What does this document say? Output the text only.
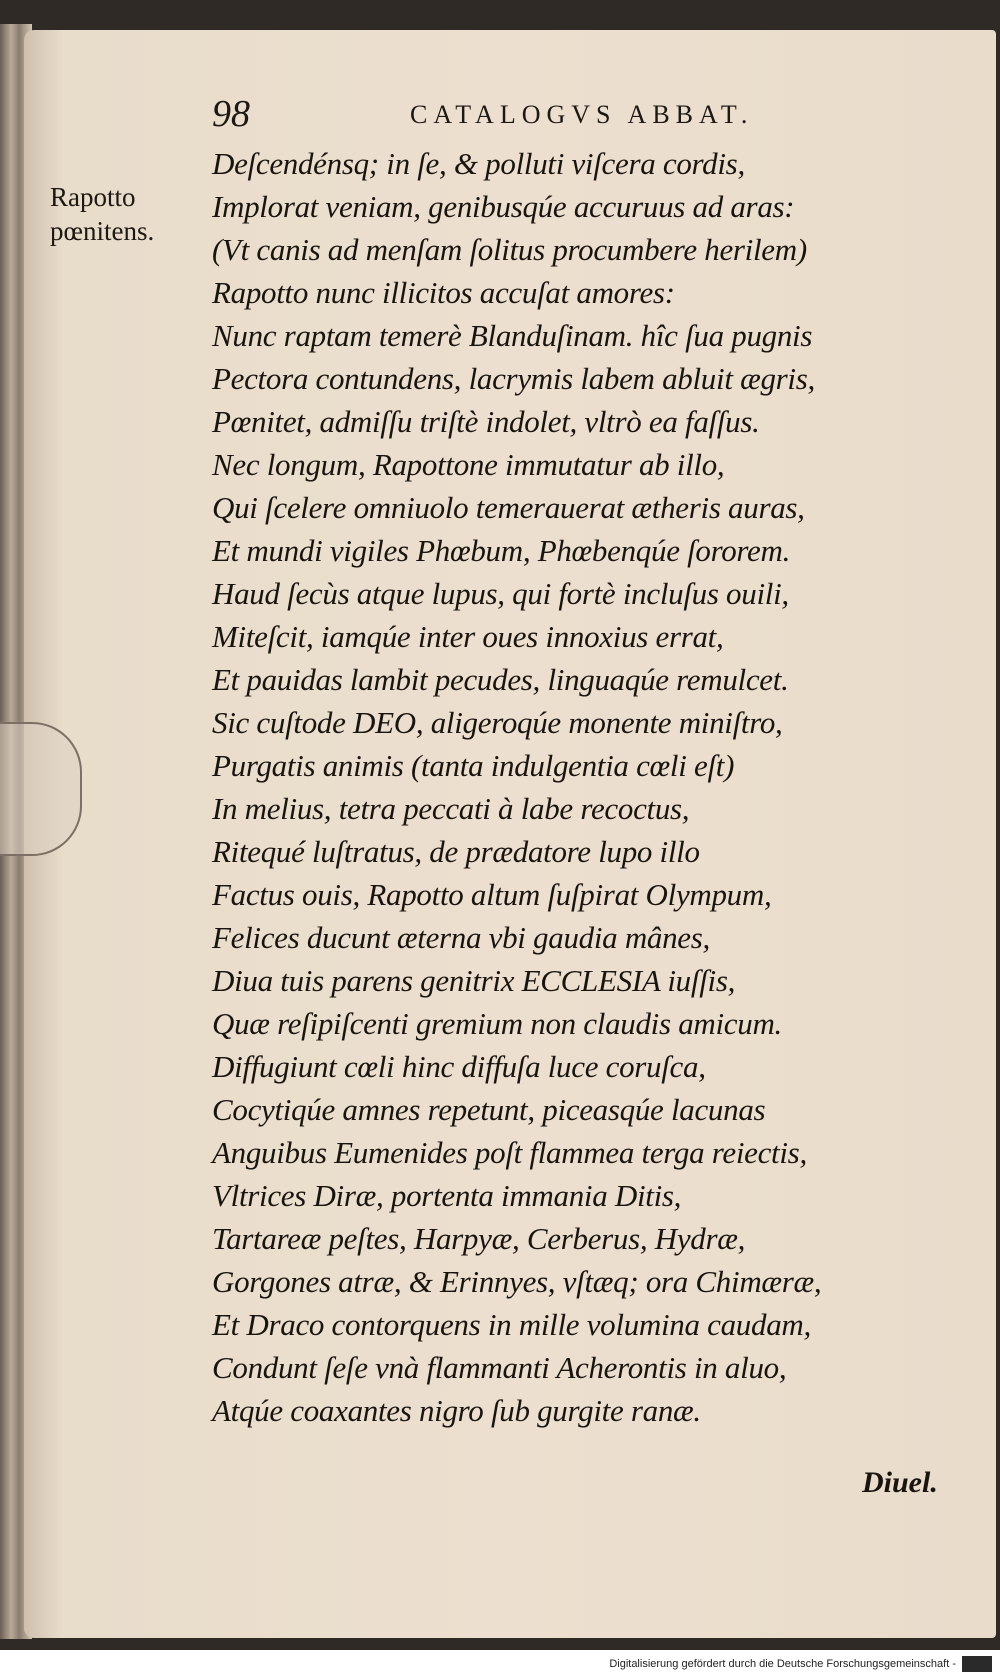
98	CATALOGVS ABBAT.
Rapotto pœnitens.
Deſcendénsq; in ſe, & polluti viſcera cordis,
Implorat veniam, genibusqúe accuruus ad aras:
(Vt canis ad menſam ſolitus procumbere herilem)
Rapotto nunc illicitos accuſat amores:
Nunc raptam temerè Blanduſinam. hîc ſua pugnis
Pectora contundens, lacrymis labem abluit ægris,
Pœnitet, admiſſu triſtè indolet, vltrò ea faſſus.
Nec longum, Rapottone immutatur ab illo,
Qui ſcelere omniuolo temerauerat ætheris auras,
Et mundi vigiles Phœbum, Phœbenqúe ſororem.
Haud ſecùs atque lupus, qui fortè incluſus ouili,
Miteſcit, iamqúe inter oues innoxius errat,
Et pauidas lambit pecudes, linguaqúe remulcet.
Sic cuſtode DEO, aligeroqúe monente miniſtro,
Purgatis animis (tanta indulgentia cœli eſt)
In melius, tetra peccati à labe recoctus,
Ritequé luſtratus, de prædatore lupo illo
Factus ouis, Rapotto altum ſuſpirat Olympum,
Felices ducunt æterna vbi gaudia mânes,
Diua tuis parens genitrix ECCLESIA iuſſis,
Quæ reſipiſcenti gremium non claudis amicum.
Diffugiunt cœli hinc diffuſa luce coruſca,
Cocytiqúe amnes repetunt, piceasqúe lacunas
Anguibus Eumenides poſt flammea terga reiectis,
Vltrices Diræ, portenta immania Ditis,
Tartareæ peſtes, Harpyæ, Cerberus, Hydræ,
Gorgones atræ, & Erinnyes, vſtæq; ora Chimæræ,
Et Draco contorquens in mille volumina caudam,
Condunt ſeſe vnà flammanti Acherontis in aluo,
Atqúe coaxantes nigro ſub gurgite ranæ.
Diuel.
Digitalisierung gefördert durch die Deutsche Forschungsgemeinschaft -
